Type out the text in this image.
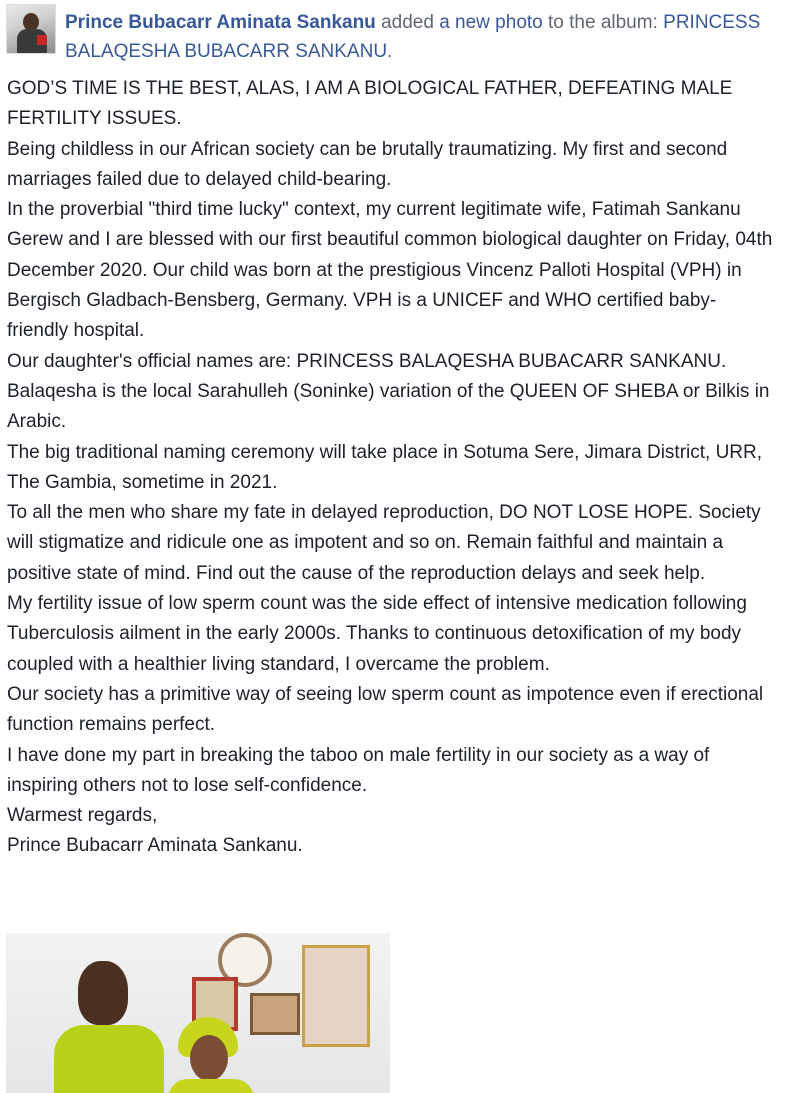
Prince Bubacarr Aminata Sankanu added a new photo to the album: PRINCESS BALAQESHA BUBACARR SANKANU.

GOD’S TIME IS THE BEST, ALAS, I AM A BIOLOGICAL FATHER, DEFEATING MALE FERTILITY ISSUES.

Being childless in our African society can be brutally traumatizing. My first and second marriages failed due to delayed child-bearing.

In the proverbial "third time lucky" context, my current legitimate wife, Fatimah Sankanu Gerew and I are blessed with our first beautiful common biological daughter on Friday, 04th December 2020. Our child was born at the prestigious Vincenz Palloti Hospital (VPH) in Bergisch Gladbach-Bensberg, Germany. VPH is a UNICEF and WHO certified baby-friendly hospital.

Our daughter's official names are: PRINCESS BALAQESHA BUBACARR SANKANU. Balaqesha is the local Sarahulleh (Soninke) variation of the QUEEN OF SHEBA or Bilkis in Arabic.

The big traditional naming ceremony will take place in Sotuma Sere, Jimara District, URR, The Gambia, sometime in 2021.

To all the men who share my fate in delayed reproduction, DO NOT LOSE HOPE. Society will stigmatize and ridicule one as impotent and so on. Remain faithful and maintain a positive state of mind. Find out the cause of the reproduction delays and seek help.

My fertility issue of low sperm count was the side effect of intensive medication following Tuberculosis ailment in the early 2000s. Thanks to continuous detoxification of my body coupled with a healthier living standard, I overcame the problem.

Our society has a primitive way of seeing low sperm count as impotence even if erectional function remains perfect.

I have done my part in breaking the taboo on male fertility in our society as a way of inspiring others not to lose self-confidence.

Warmest regards,

Prince Bubacarr Aminata Sankanu.
